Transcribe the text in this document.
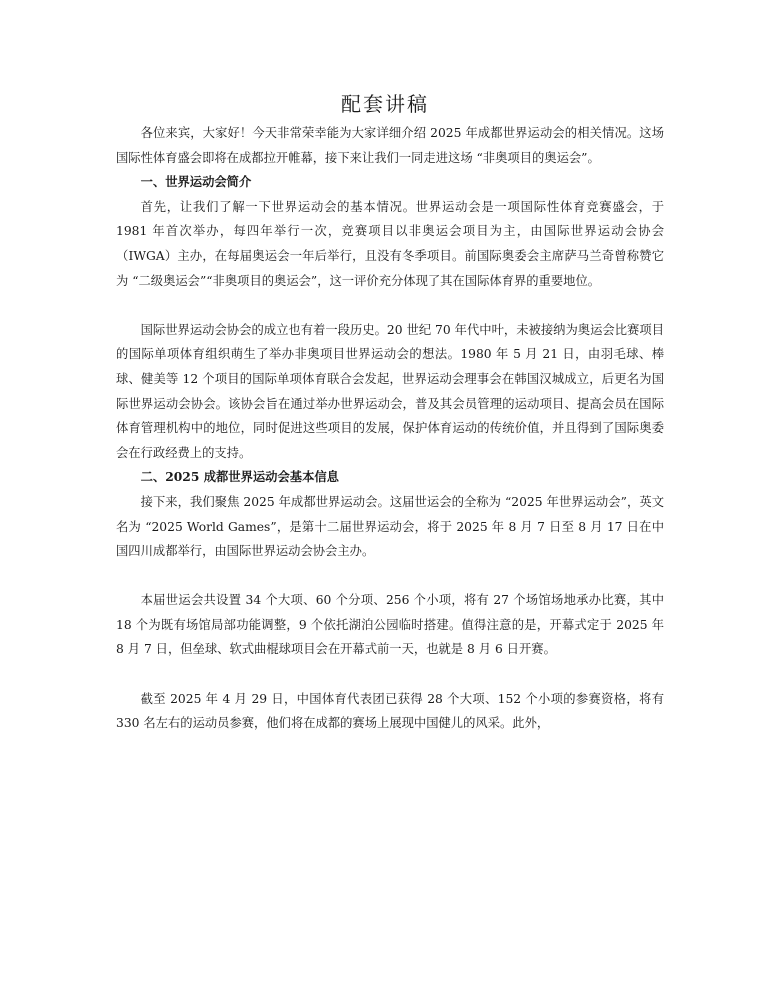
配套讲稿

各位来宾，大家好！今天非常荣幸能为大家详细介绍 2025 年成都世界运动会的相关情况。这场国际性体育盛会即将在成都拉开帷幕，接下来让我们一同走进这场 “非奥项目的奥运会”。

一、世界运动会简介

首先，让我们了解一下世界运动会的基本情况。世界运动会是一项国际性体育竞赛盛会，于 1981 年首次举办，每四年举行一次，竞赛项目以非奥运会项目为主，由国际世界运动会协会（IWGA）主办，在每届奥运会一年后举行，且没有冬季项目。前国际奥委会主席萨马兰奇曾称赞它为 “二级奥运会”“非奥项目的奥运会”，这一评价充分体现了其在国际体育界的重要地位。

国际世界运动会协会的成立也有着一段历史。20 世纪 70 年代中叶，未被接纳为奥运会比赛项目的国际单项体育组织萌生了举办非奥项目世界运动会的想法。1980 年 5 月 21 日，由羽毛球、棒球、健美等 12 个项目的国际单项体育联合会发起，世界运动会理事会在韩国汉城成立，后更名为国际世界运动会协会。该协会旨在通过举办世界运动会，普及其会员管理的运动项目、提高会员在国际体育管理机构中的地位，同时促进这些项目的发展，保护体育运动的传统价值，并且得到了国际奥委会在行政经费上的支持。

二、2025 成都世界运动会基本信息

接下来，我们聚焦 2025 年成都世界运动会。这届世运会的全称为 “2025 年世界运动会”，英文名为 “2025 World Games”，是第十二届世界运动会，将于 2025 年 8 月 7 日至 8 月 17 日在中国四川成都举行，由国际世界运动会协会主办。

本届世运会共设置 34 个大项、60 个分项、256 个小项，将有 27 个场馆场地承办比赛，其中 18 个为既有场馆局部功能调整，9 个依托湖泊公园临时搭建。值得注意的是，开幕式定于 2025 年 8 月 7 日，但垒球、软式曲棍球项目会在开幕式前一天，也就是 8 月 6 日开赛。

截至 2025 年 4 月 29 日，中国体育代表团已获得 28 个大项、152 个小项的参赛资格，将有 330 名左右的运动员参赛，他们将在成都的赛场上展现中国健儿的风采。此外，
